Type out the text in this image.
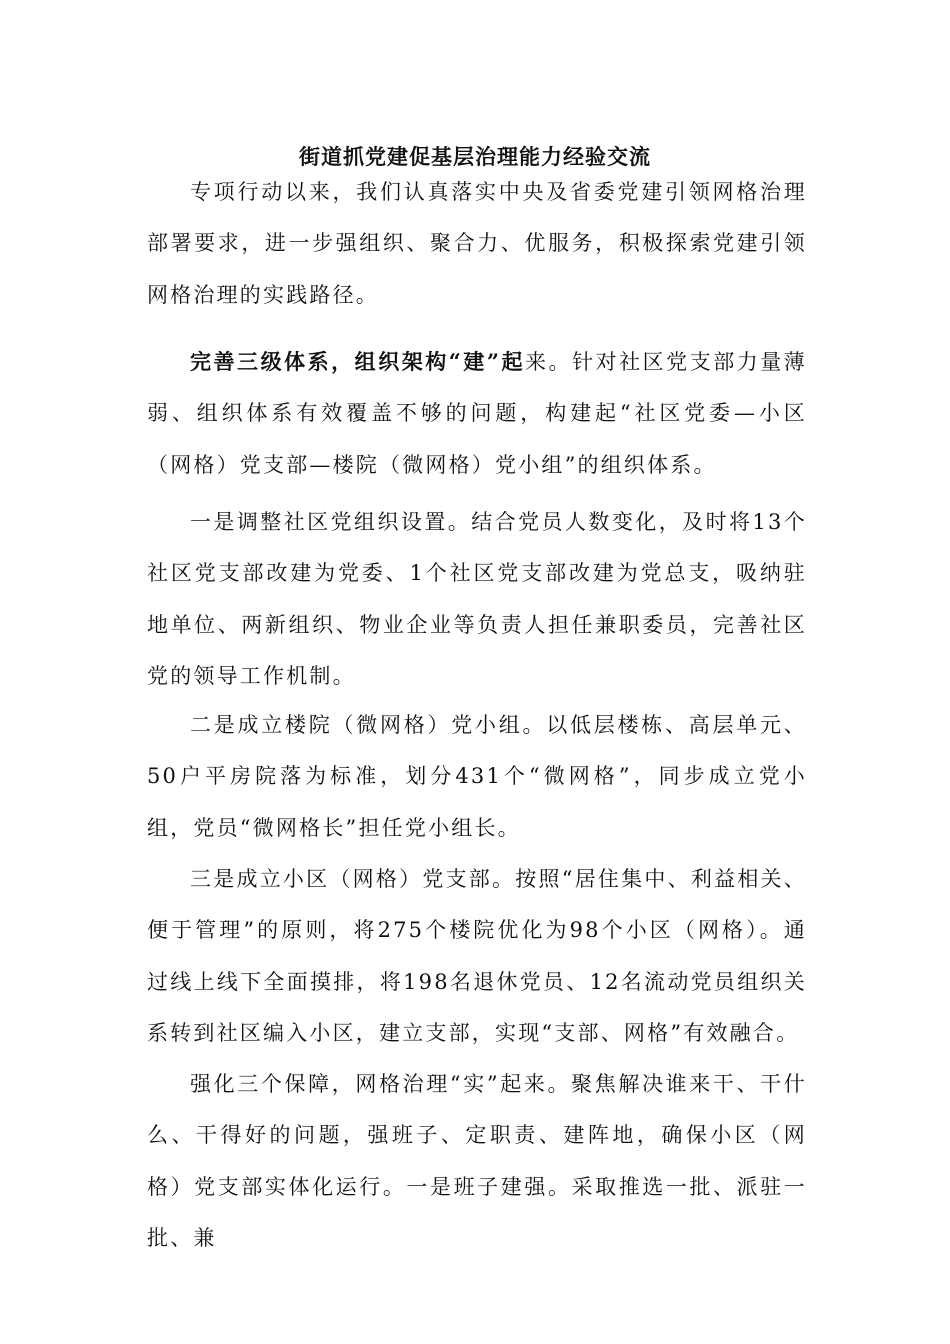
街道抓党建促基层治理能力经验交流

专项行动以来，我们认真落实中央及省委党建引领网格治理部署要求，进一步强组织、聚合力、优服务，积极探索党建引领网格治理的实践路径。

完善三级体系，组织架构“建”起来。针对社区党支部力量薄弱、组织体系有效覆盖不够的问题，构建起“社区党委—小区（网格）党支部—楼院（微网格）党小组”的组织体系。

一是调整社区党组织设置。结合党员人数变化，及时将13个社区党支部改建为党委、1个社区党支部改建为党总支，吸纳驻地单位、两新组织、物业企业等负责人担任兼职委员，完善社区党的领导工作机制。

二是成立楼院（微网格）党小组。以低层楼栋、高层单元、50户平房院落为标准，划分431个“微网格”，同步成立党小组，党员“微网格长”担任党小组长。

三是成立小区（网格）党支部。按照“居住集中、利益相关、便于管理”的原则，将275个楼院优化为98个小区（网格）。通过线上线下全面摸排，将198名退休党员、12名流动党员组织关系转到社区编入小区，建立支部，实现“支部、网格”有效融合。

强化三个保障，网格治理“实”起来。聚焦解决谁来干、干什么、干得好的问题，强班子、定职责、建阵地，确保小区（网格）党支部实体化运行。一是班子建强。采取推选一批、派驻一批、兼
